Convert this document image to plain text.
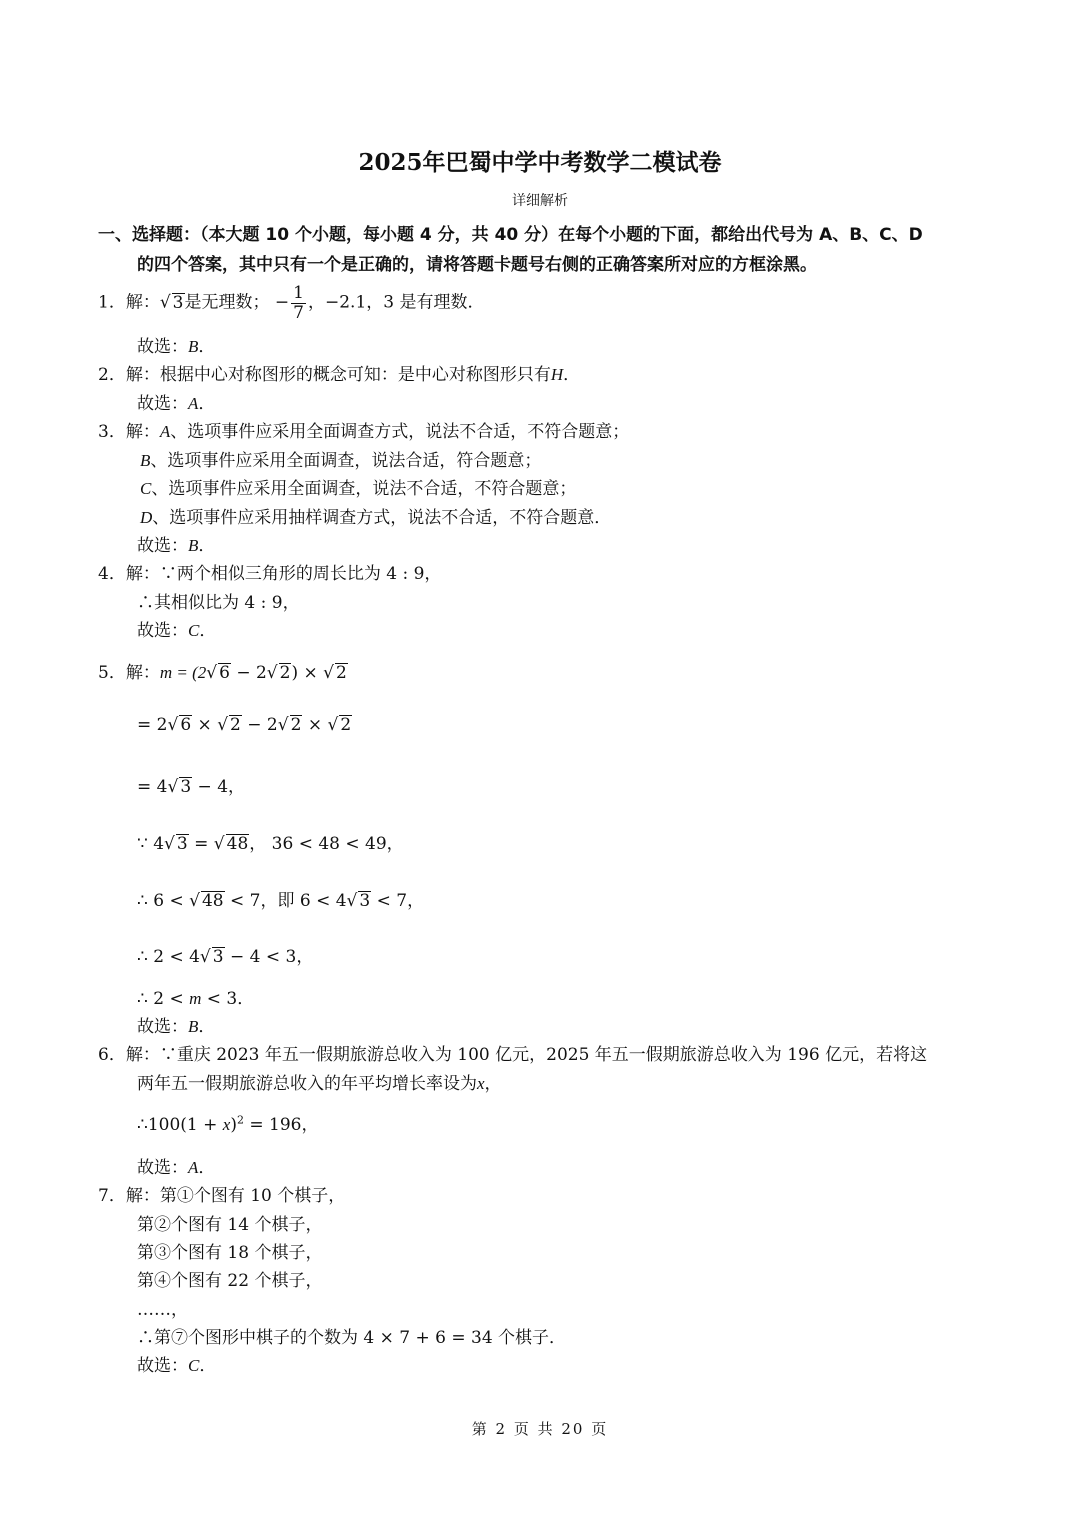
2025年巴蜀中学中考数学二模试卷
详细解析
一、选择题：（本大题 10 个小题，每小题 4 分，共 40 分）在每个小题的下面，都给出代号为 A、B、C、D
的四个答案，其中只有一个是正确的，请将答题卡题号右侧的正确答案所对应的方框涂黑。
1．解：√ 3是无理数； − $\frac{1}{7}$ ，−2.1，3 是有理数．
故选：B．
2．解：根据中心对称图形的概念可知：是中心对称图形只有H．
故选：A．
3．解：A、选项事件应采用全面调查方式，说法不合适，不符合题意；
B、选项事件应采用全面调查，说法合适，符合题意；
C、选项事件应采用全面调查，说法不合适，不符合题意；
D、选项事件应采用抽样调查方式，说法不合适，不符合题意．
故选：B．
4．解：∵两个相似三角形的周长比为 4 : 9，
∴其相似比为 4 : 9，
故选：C．
5．解：m = (2√ 6 − 2√ 2) × √ 2
= 2√ 6 × √ 2 − 2√ 2 × √ 2
= 4√ 3 − 4，
∵ 4√ 3 = √ 48， 36 < 48 < 49，
∴ 6 < √ 48 < 7，即 6 < 4√ 3 < 7，
∴ 2 < 4√ 3 − 4 < 3，
∴ 2 < m < 3．
故选：B．
6．解：∵重庆 2023 年五一假期旅游总收入为 100 亿元，2025 年五一假期旅游总收入为 196 亿元，若将这
两年五一假期旅游总收入的年平均增长率设为x，
∴100(1 + x)$^2$ = 196，
故选：A．
7．解：第①个图有 10 个棋子，
第②个图有 14 个棋子，
第③个图有 18 个棋子，
第④个图有 22 个棋子，
……，
∴第⑦个图形中棋子的个数为 4 × 7 + 6 = 34 个棋子．
故选：C．
第 2 页 共 20 页
